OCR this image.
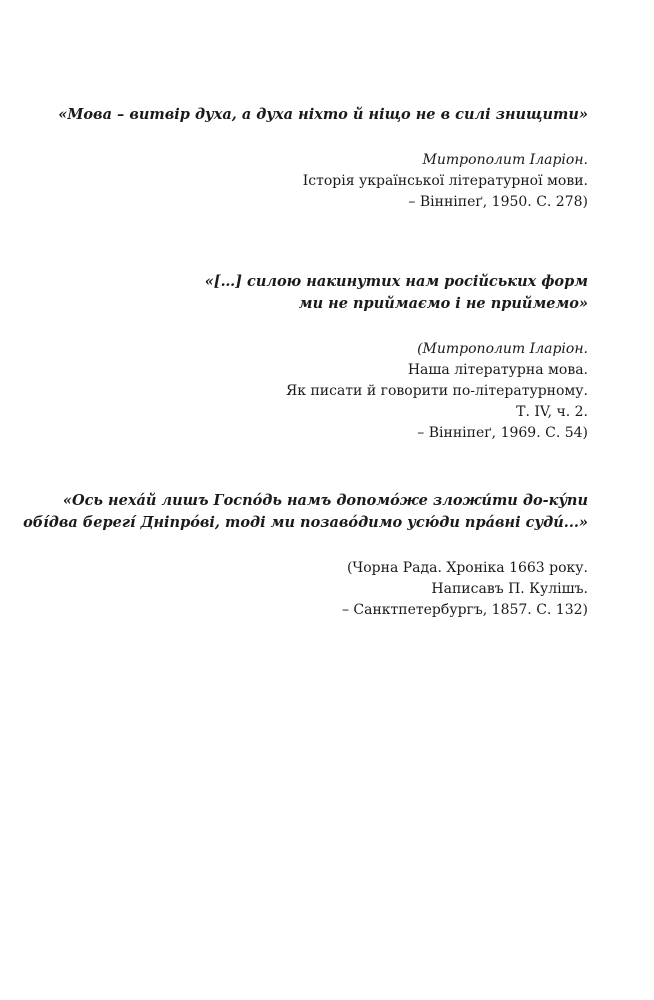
«Мова – витвір духа, а духа ніхто й ніщо не в силі знищити»

Митрополит Іларіон.
Історія української літературної мови.
– Вінніпеґ, 1950. С. 278)

«[…] силою накинутих нам російських форм
ми не приймаємо і не приймемо»

(Митрополит Іларіон.
Наша літературна мова.
Як писати й говорити по-літературному.
Т. IV, ч. 2.
– Вінніпеґ, 1969. С. 54)

«Ось нехáй лишъ Госпóдь намъ допомóже зложи́ти до-кýпи
обíдва берегí Днiпрóві, тоді ми позавóдимо усю́ди прáвні судú...»

(Чорна Рада. Хроніка 1663 року.
Написавъ П. Кулішъ.
– Санктпетербургъ, 1857. С. 132)
